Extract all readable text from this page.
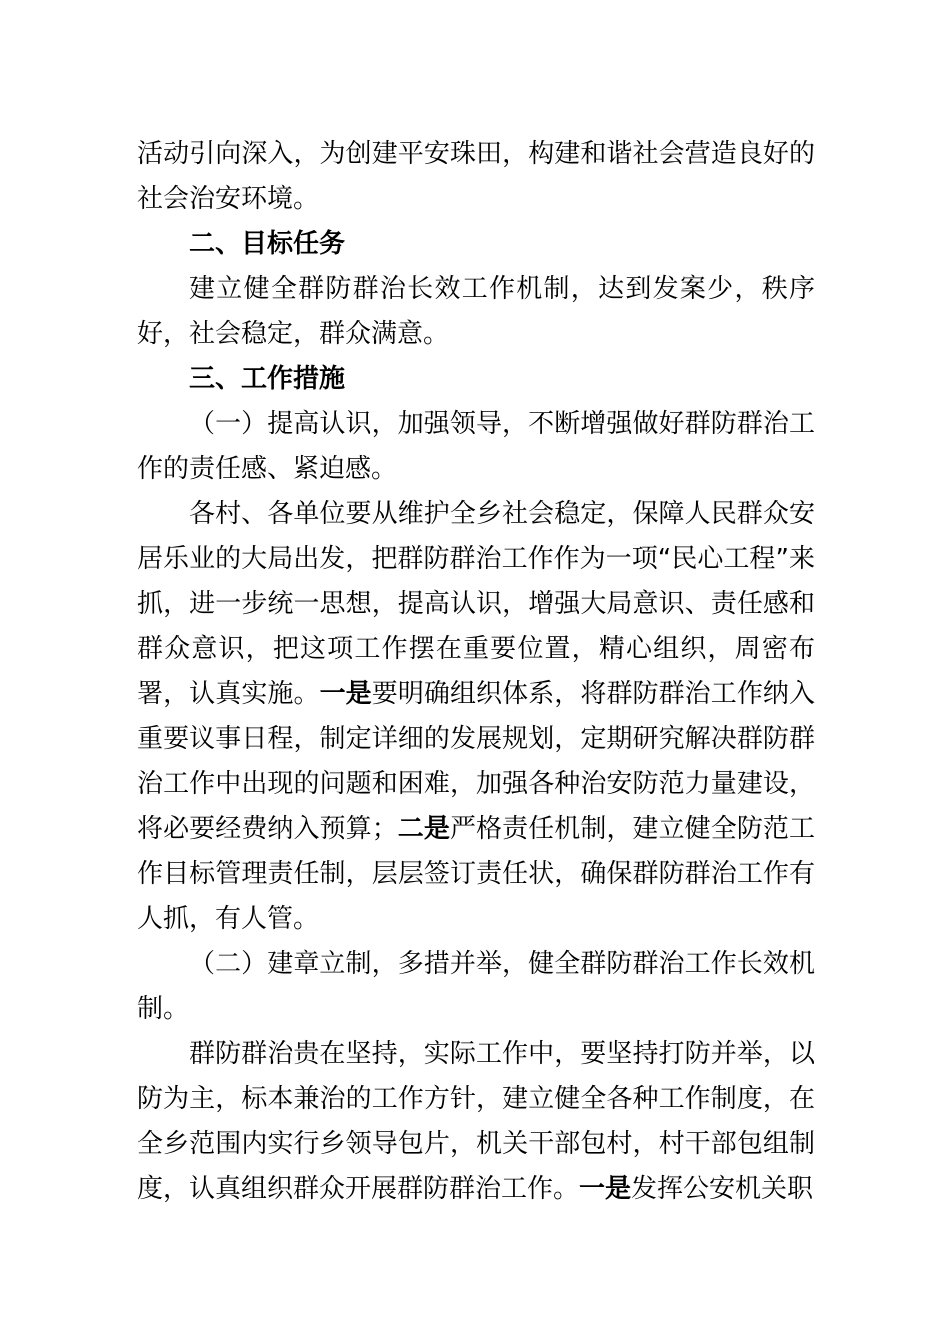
活动引向深入，为创建平安珠田，构建和谐社会营造良好的社会治安环境。

二、目标任务

建立健全群防群治长效工作机制，达到发案少，秩序好，社会稳定，群众满意。

三、工作措施

（一）提高认识，加强领导，不断增强做好群防群治工作的责任感、紧迫感。

各村、各单位要从维护全乡社会稳定，保障人民群众安居乐业的大局出发，把群防群治工作作为一项“民心工程”来抓，进一步统一思想，提高认识，增强大局意识、责任感和群众意识，把这项工作摆在重要位置，精心组织，周密布署，认真实施。一是要明确组织体系，将群防群治工作纳入重要议事日程，制定详细的发展规划，定期研究解决群防群治工作中出现的问题和困难，加强各种治安防范力量建设，将必要经费纳入预算；二是严格责任机制，建立健全防范工作目标管理责任制，层层签订责任状，确保群防群治工作有人抓，有人管。

（二）建章立制，多措并举，健全群防群治工作长效机制。

群防群治贵在坚持，实际工作中，要坚持打防并举，以防为主，标本兼治的工作方针，建立健全各种工作制度，在全乡范围内实行乡领导包片，机关干部包村，村干部包组制度，认真组织群众开展群防群治工作。一是发挥公安机关职
